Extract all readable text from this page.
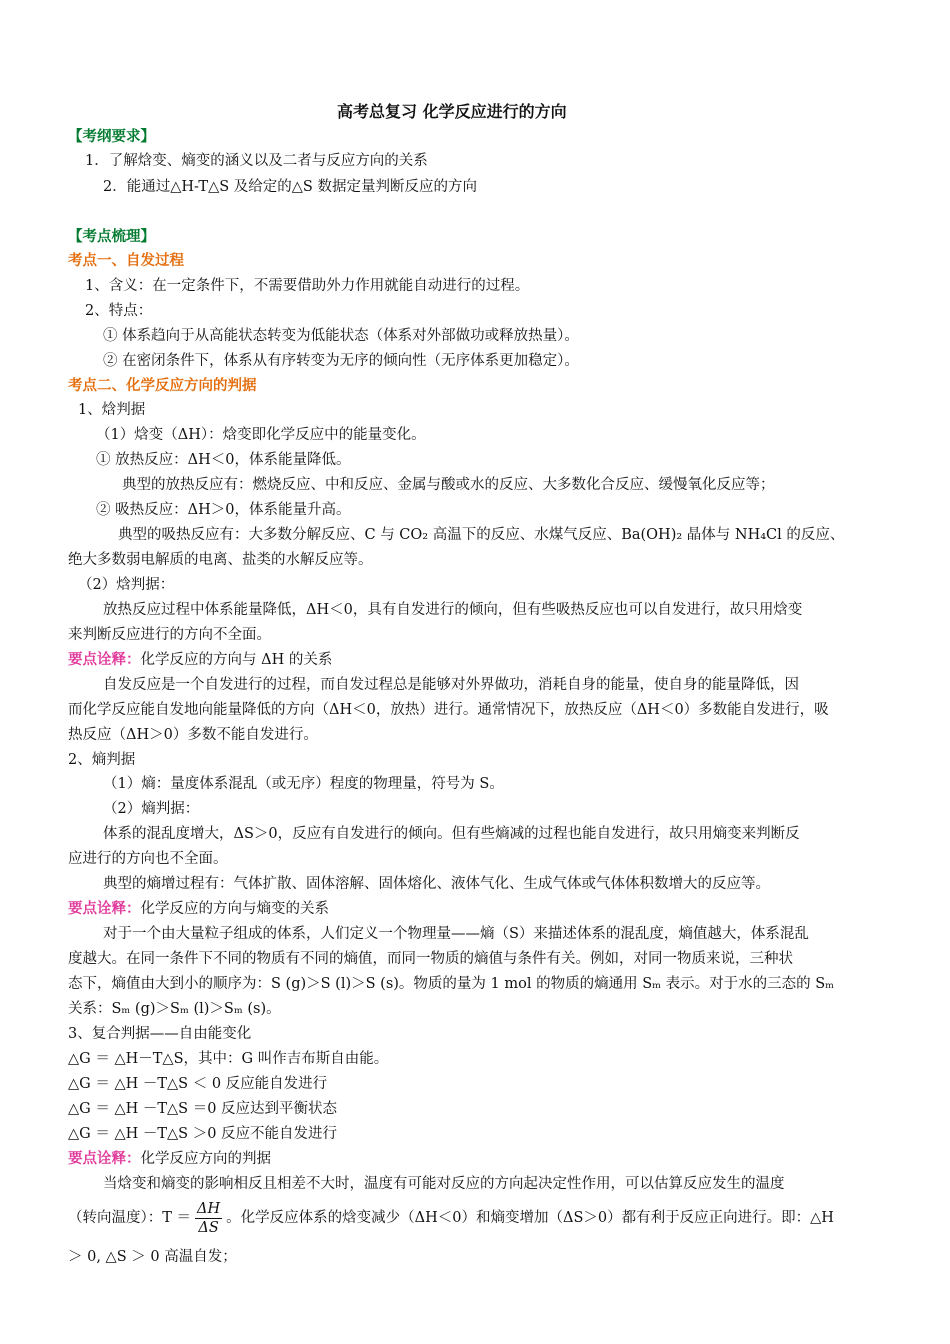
高考总复习 化学反应进行的方向
【考纲要求】
1．了解焓变、熵变的涵义以及二者与反应方向的关系
2．能通过△H-T△S 及给定的△S 数据定量判断反应的方向
【考点梳理】
考点一、自发过程
1、含义：在一定条件下，不需要借助外力作用就能自动进行的过程。
2、特点：
① 体系趋向于从高能状态转变为低能状态（体系对外部做功或释放热量）。
② 在密闭条件下，体系从有序转变为无序的倾向性（无序体系更加稳定）。
考点二、化学反应方向的判据
1、焓判据
（1）焓变（ΔH）：焓变即化学反应中的能量变化。
① 放热反应：ΔH＜0，体系能量降低。
典型的放热反应有：燃烧反应、中和反应、金属与酸或水的反应、大多数化合反应、缓慢氧化反应等；
② 吸热反应：ΔH＞0，体系能量升高。
典型的吸热反应有：大多数分解反应、C 与 CO₂ 高温下的反应、水煤气反应、Ba(OH)₂ 晶体与 NH₄Cl 的反应、
绝大多数弱电解质的电离、盐类的水解反应等。
（2）焓判据：
放热反应过程中体系能量降低，ΔH＜0，具有自发进行的倾向，但有些吸热反应也可以自发进行，故只用焓变
来判断反应进行的方向不全面。
要点诠释：化学反应的方向与 ΔH 的关系
自发反应是一个自发进行的过程，而自发过程总是能够对外界做功，消耗自身的能量，使自身的能量降低，因
而化学反应能自发地向能量降低的方向（ΔH＜0，放热）进行。通常情况下，放热反应（ΔH＜0）多数能自发进行，吸
热反应（ΔH＞0）多数不能自发进行。
2、熵判据
（1）熵：量度体系混乱（或无序）程度的物理量，符号为 S。
（2）熵判据：
体系的混乱度增大，ΔS＞0，反应有自发进行的倾向。但有些熵减的过程也能自发进行，故只用熵变来判断反
应进行的方向也不全面。
典型的熵增过程有：气体扩散、固体溶解、固体熔化、液体气化、生成气体或气体体积数增大的反应等。
要点诠释：化学反应的方向与熵变的关系
对于一个由大量粒子组成的体系，人们定义一个物理量——熵（S）来描述体系的混乱度，熵值越大，体系混乱
度越大。在同一条件下不同的物质有不同的熵值，而同一物质的熵值与条件有关。例如，对同一物质来说，三种状
态下，熵值由大到小的顺序为：S (g)＞S (l)＞S (s)。物质的量为 1 mol 的物质的熵通用 Sₘ 表示。对于水的三态的 Sₘ
关系：Sₘ (g)＞Sₘ (l)＞Sₘ (s)。
3、复合判据——自由能变化
△G ＝ △H－T△S，其中：G 叫作吉布斯自由能。
△G ＝ △H －T△S ＜ 0 反应能自发进行
△G ＝ △H －T△S ＝0 反应达到平衡状态
△G ＝ △H －T△S ＞0 反应不能自发进行
要点诠释：化学反应方向的判据
当焓变和熵变的影响相反且相差不大时，温度有可能对反应的方向起决定性作用，可以估算反应发生的温度
（转向温度）：$T = \frac{\Delta H}{\Delta S}$ 。化学反应体系的焓变减少（ΔH＜0）和熵变增加（ΔS＞0）都有利于反应正向进行。即：△H
＞ 0, △S ＞ 0 高温自发；
